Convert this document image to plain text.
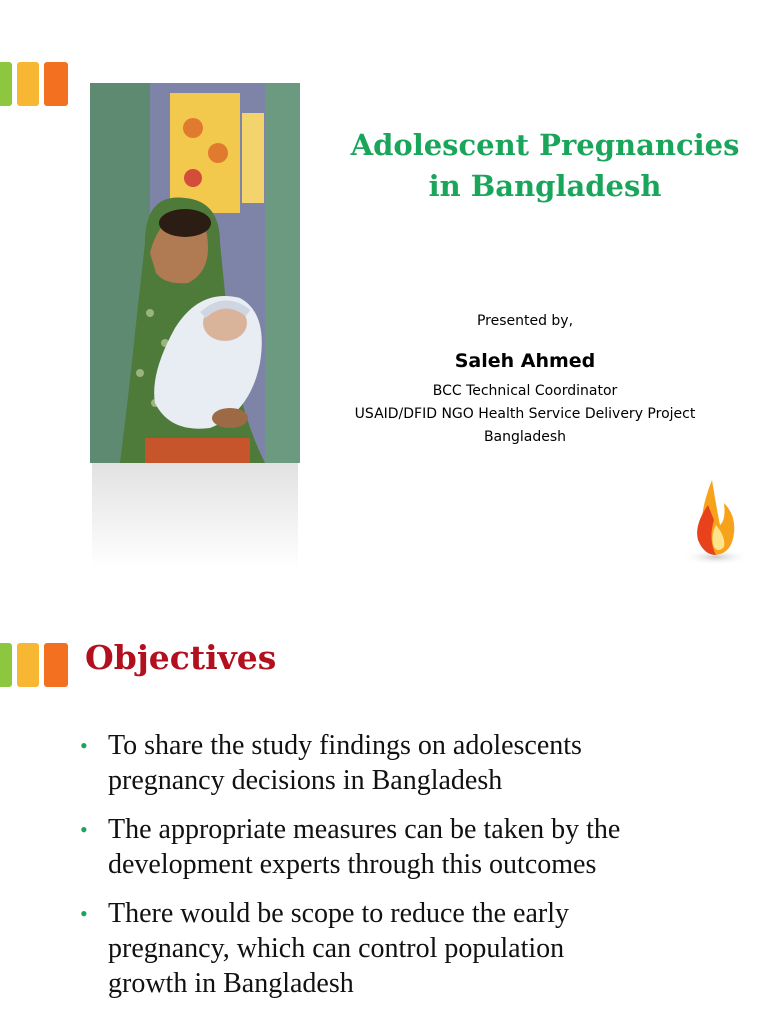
Adolescent Pregnancies
in Bangladesh
Presented by,
Saleh Ahmed
BCC Technical Coordinator
USAID/DFID NGO Health Service Delivery Project
Bangladesh
Objectives
• To share the study findings on adolescents
pregnancy decisions in Bangladesh
• The appropriate measures can be taken by the
development experts through this outcomes
• There would be scope to reduce the early
pregnancy, which can control population
growth in Bangladesh
